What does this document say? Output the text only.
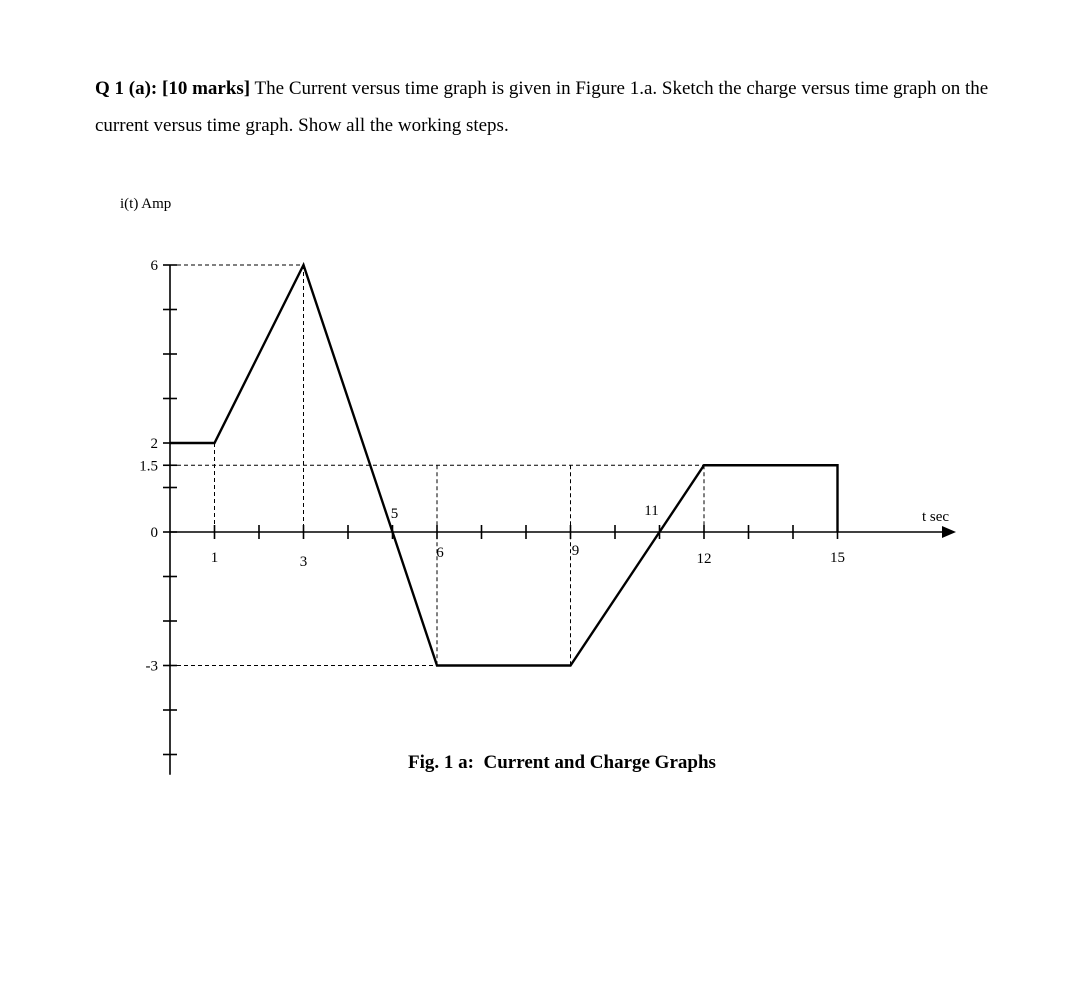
Q 1 (a): [10 marks] The Current versus time graph is given in Figure 1.a. Sketch the charge versus time graph on the current versus time graph. Show all the working steps.

1	3
5
6	9
11
12	15
6
2
1.5
0
-3
i(t) Amp
t sec
Fig. 1 a:  Current and Charge Graphs
